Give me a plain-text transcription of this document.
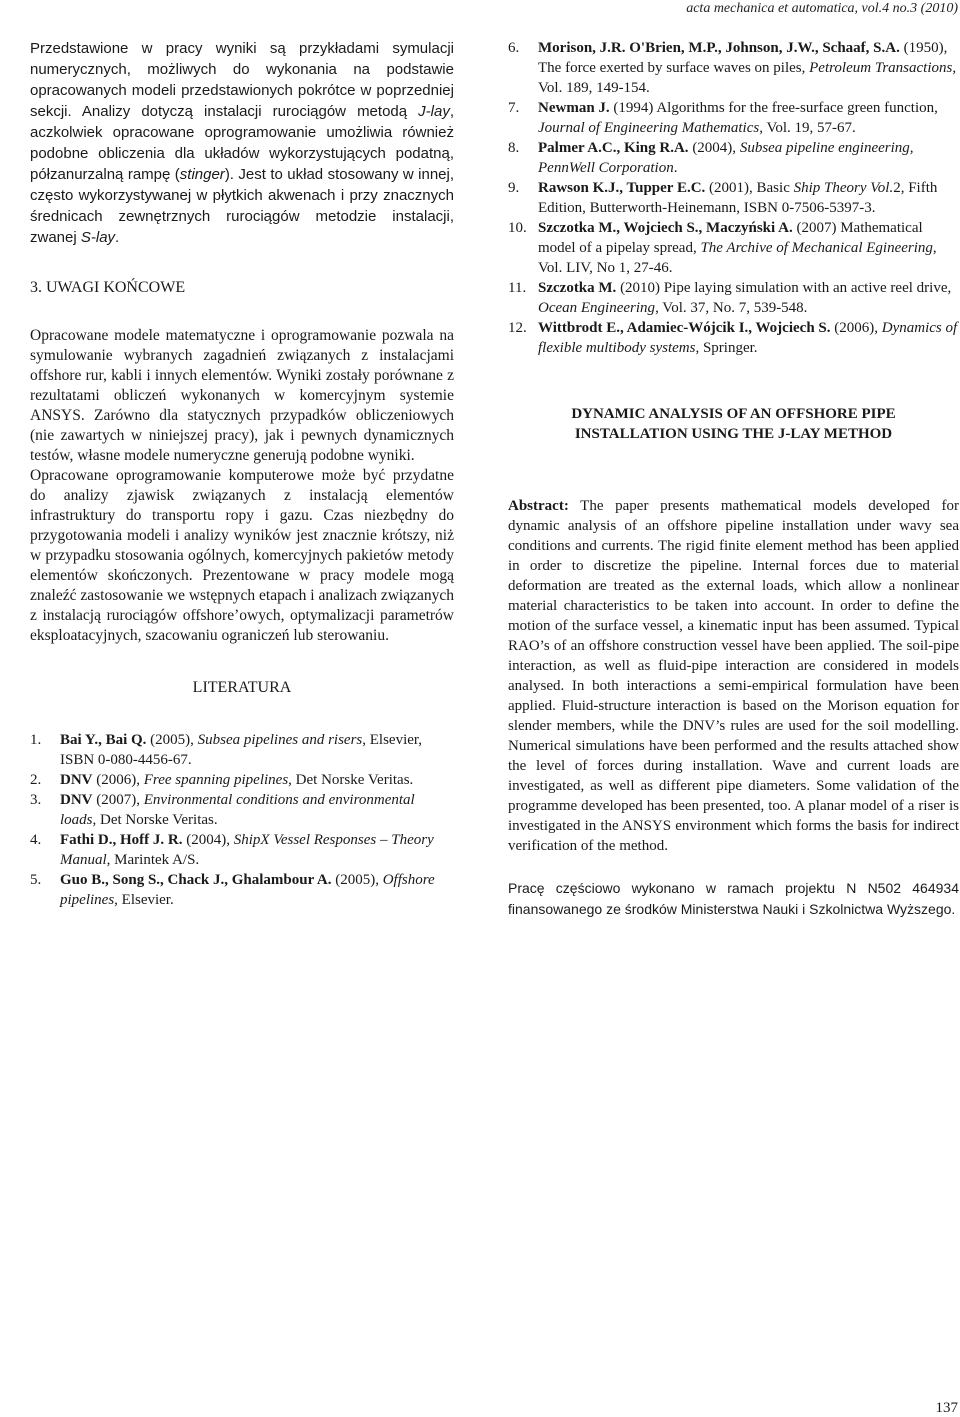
acta mechanica et automatica, vol.4 no.3 (2010)

Przedstawione w pracy wyniki są przykładami symulacji numerycznych, możliwych do wykonania na podstawie opracowanych modeli przedstawionych pokrótce w poprzedniej sekcji. Analizy dotyczą instalacji rurociągów metodą J-lay, aczkolwiek opracowane oprogramowanie umożliwia również podobne obliczenia dla układów wykorzystujących podatną, półzanurzalną rampę (stinger). Jest to układ stosowany w innej, często wykorzystywanej w płytkich akwenach i przy znacznych średnicach zewnętrznych rurociągów metodzie instalacji, zwanej S-lay.

3. UWAGI KOŃCOWE

Opracowane modele matematyczne i oprogramowanie pozwala na symulowanie wybranych zagadnień związanych z instalacjami offshore rur, kabli i innych elementów. Wyniki zostały porównane z rezultatami obliczeń wykonanych w komercyjnym systemie ANSYS. Zarówno dla statycznych przypadków obliczeniowych (nie zawartych w niniejszej pracy), jak i pewnych dynamicznych testów, własne modele numeryczne generują podobne wyniki.

Opracowane oprogramowanie komputerowe może być przydatne do analizy zjawisk związanych z instalacją elementów infrastruktury do transportu ropy i gazu. Czas niezbędny do przygotowania modeli i analizy wyników jest znacznie krótszy, niż w przypadku stosowania ogólnych, komercyjnych pakietów metody elementów skończonych. Prezentowane w pracy modele mogą znaleźć zastosowanie we wstępnych etapach i analizach związanych z instalacją rurociągów offshore’owych, optymalizacji parametrów eksploatacyjnych, szacowaniu ograniczeń lub sterowaniu.

LITERATURA
1. Bai Y., Bai Q. (2005), Subsea pipelines and risers, Elsevier, ISBN 0-080-4456-67.
2. DNV (2006), Free spanning pipelines, Det Norske Veritas.
3. DNV (2007), Environmental conditions and environmental loads, Det Norske Veritas.
4. Fathi D., Hoff J. R. (2004), ShipX Vessel Responses – Theory Manual, Marintek A/S.
5. Guo B., Song S., Chack J., Ghalambour A. (2005), Offshore pipelines, Elsevier.
6. Morison, J.R. O'Brien, M.P., Johnson, J.W., Schaaf, S.A. (1950), The force exerted by surface waves on piles, Petroleum Transactions, Vol. 189, 149-154.
7. Newman J. (1994) Algorithms for the free-surface green function, Journal of Engineering Mathematics, Vol. 19, 57-67.
8. Palmer A.C., King R.A. (2004), Subsea pipeline engineering, PennWell Corporation.
9. Rawson K.J., Tupper E.C. (2001), Basic Ship Theory Vol.2, Fifth Edition, Butterworth-Heinemann, ISBN 0-7506-5397-3.
10. Szczotka M., Wojciech S., Maczyński A. (2007) Mathematical model of a pipelay spread, The Archive of Mechanical Egineering, Vol. LIV, No 1, 27-46.
11. Szczotka M. (2010) Pipe laying simulation with an active reel drive, Ocean Engineering, Vol. 37, No. 7, 539-548.
12. Wittbrodt E., Adamiec-Wójcik I., Wojciech S. (2006), Dynamics of flexible multibody systems, Springer.
DYNAMIC ANALYSIS OF AN OFFSHORE PIPE
INSTALLATION USING THE J-LAY METHOD

Abstract: The paper presents mathematical models developed for dynamic analysis of an offshore pipeline installation under wavy sea conditions and currents. The rigid finite element method has been applied in order to discretize the pipeline. Internal forces due to material deformation are treated as the external loads, which allow a nonlinear material characteristics to be taken into account. In order to define the motion of the surface vessel, a kinematic input has been assumed. Typical RAO’s of an offshore construction vessel have been applied. The soil-pipe interaction, as well as fluid-pipe interaction are considered in models analysed. In both interactions a semi-empirical formulation have been applied. Fluid-structure interaction is based on the Morison equation for slender members, while the DNV’s rules are used for the soil modelling. Numerical simulations have been performed and the results attached show the level of forces during installation. Wave and current loads are investigated, as well as different pipe diameters. Some validation of the programme developed has been presented, too. A planar model of a riser is investigated in the ANSYS environment which forms the basis for indirect verification of the method.

Pracę częściowo wykonano w ramach projektu N N502 464934 finansowanego ze środków Ministerstwa Nauki i Szkolnictwa Wyższego.
137
